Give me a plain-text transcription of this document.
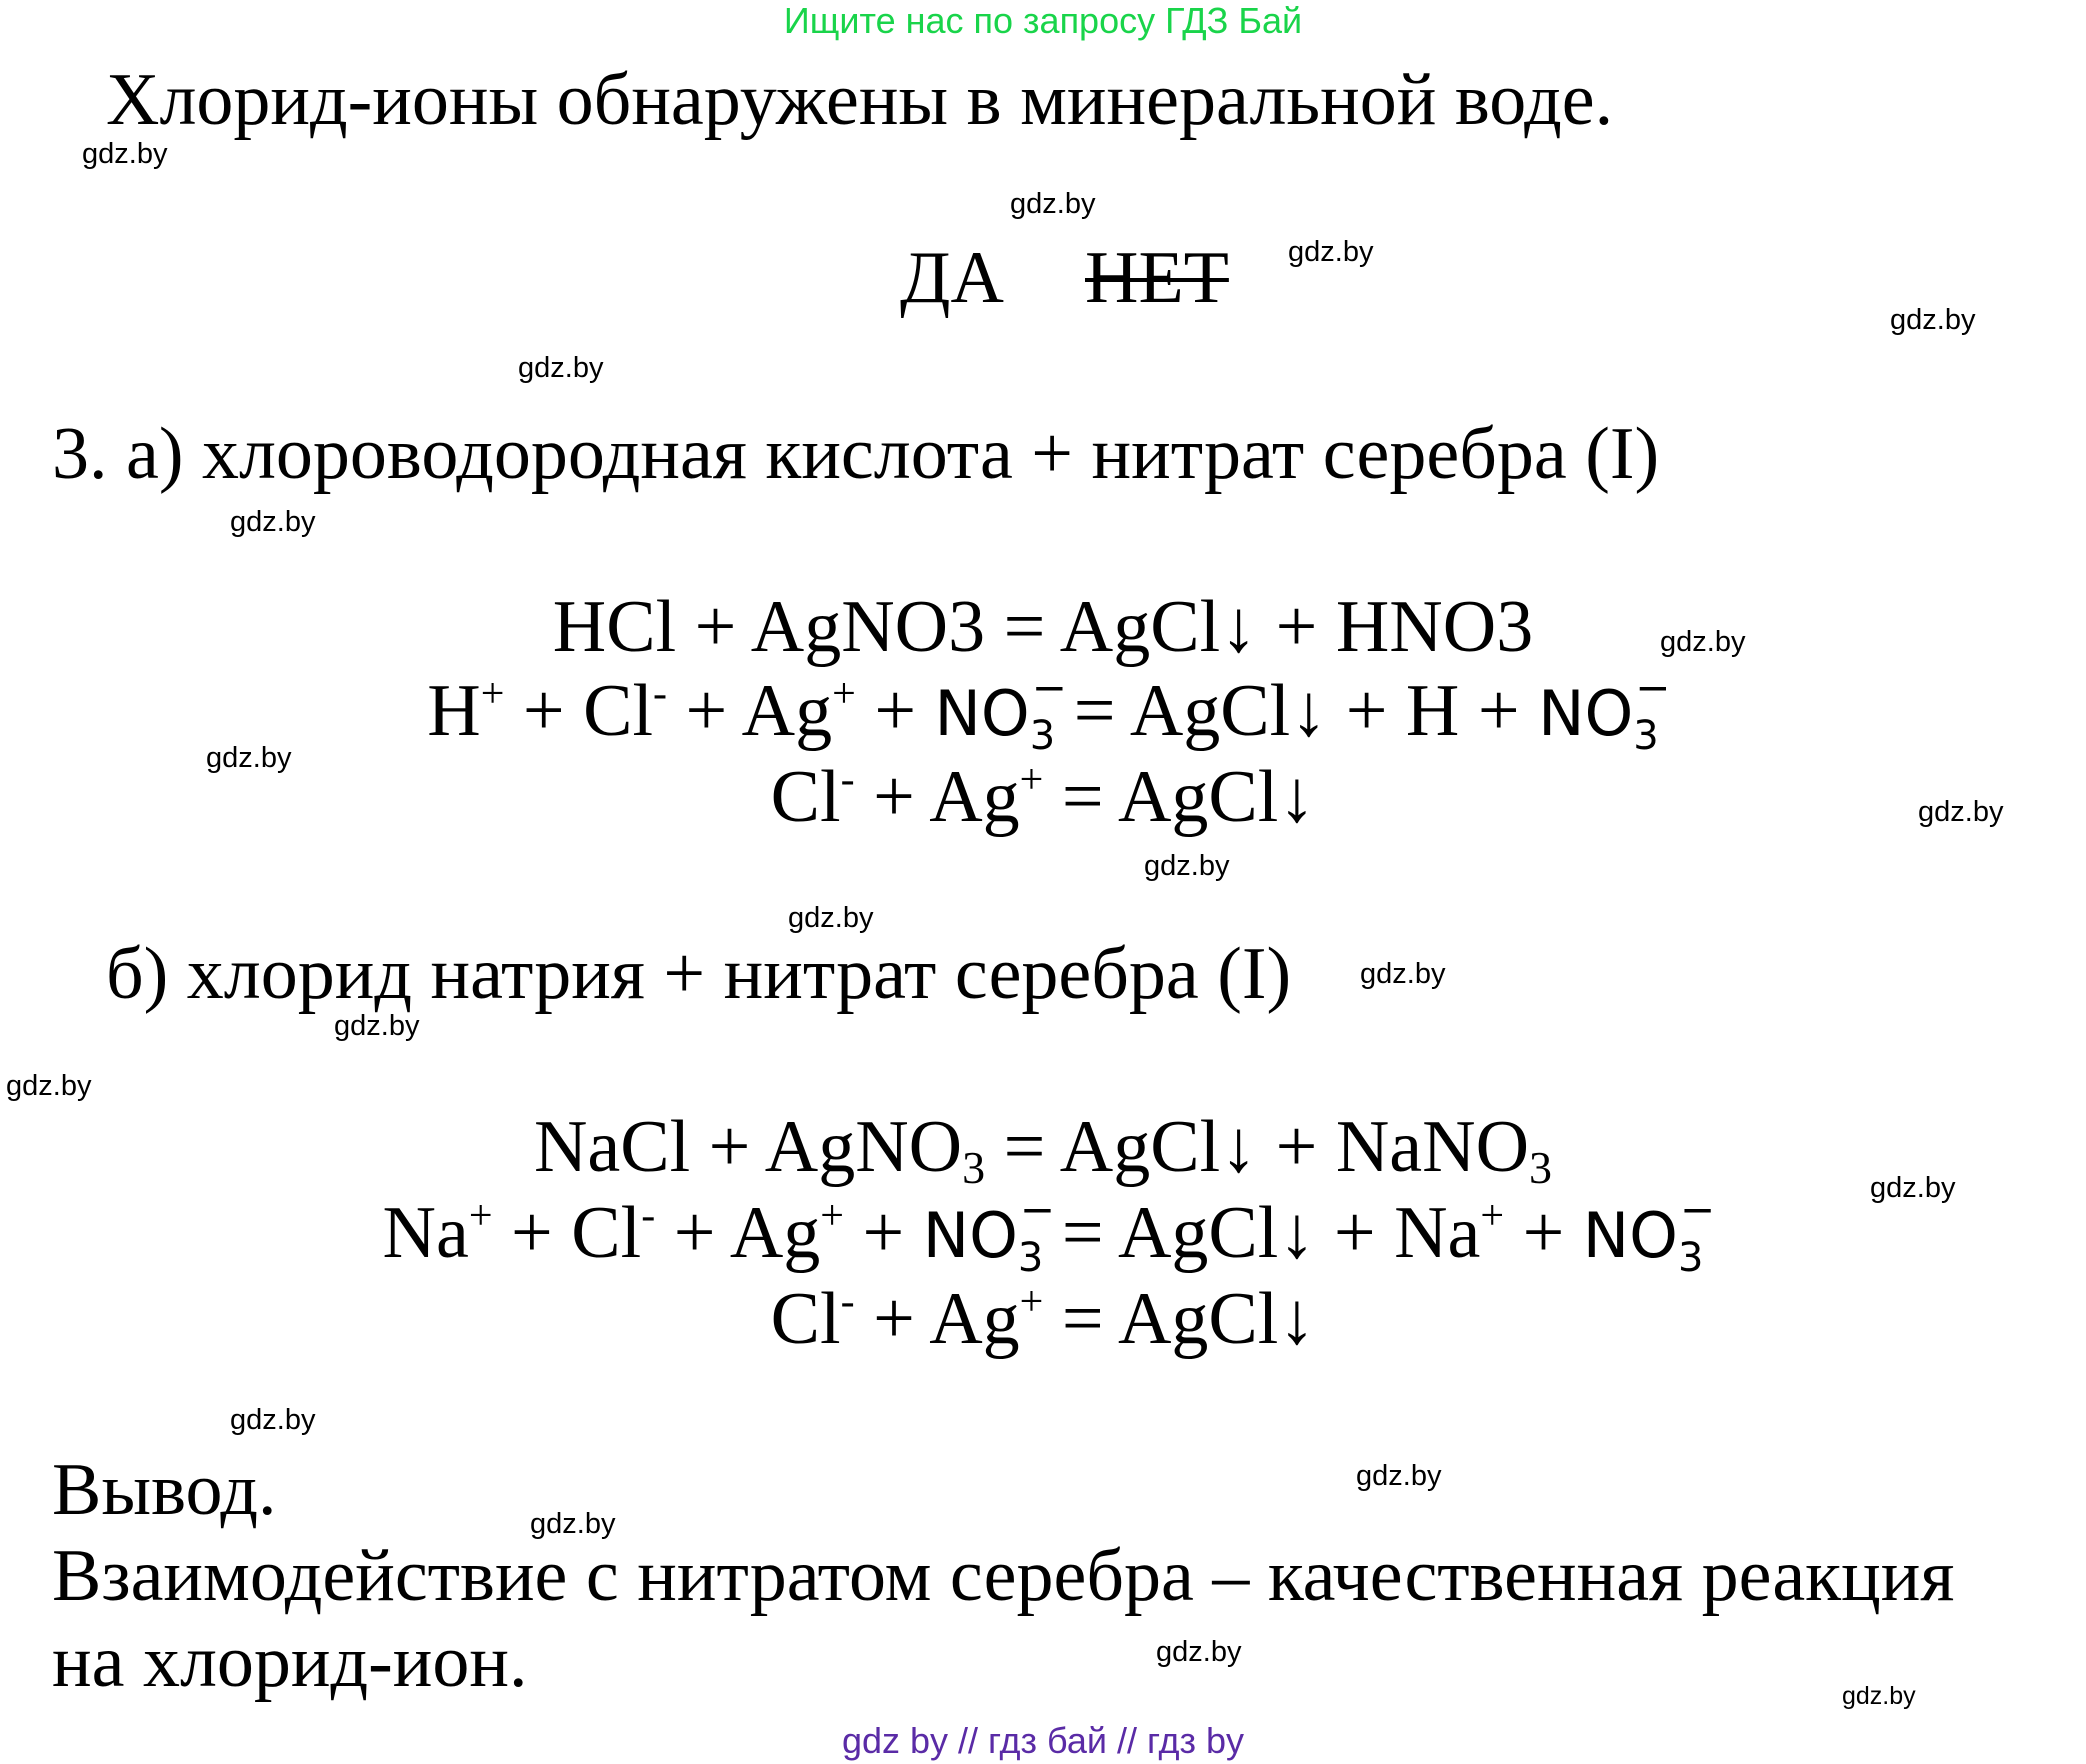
Ищите нас по запросу ГДЗ Бай
Хлорид-ионы обнаружены в минеральной воде.
ДА НЕТ
3. а) хлороводородная кислота + нитрат серебра (I)
HCl + AgNO3 = AgCl↓ + HNO3
H+ + Cl- + Ag+ + NO3
−
= AgCl↓ + H + NO3
−
Cl- + Ag+ = AgCl↓
б) хлорид натрия + нитрат серебра (I)
NaCl + AgNO$_3$ = AgCl↓ + NaNO$_3$
Na+ + Cl- + Ag+ + NO3
−
= AgCl↓ + Na+ + NO3
−
Cl- + Ag+ = AgCl↓
Вывод.
Взаимодействие с нитратом серебра – качественная реакция
на хлорид-ион.
gdz.by
gdz.by
gdz.by
gdz.by
gdz.by
gdz.by
gdz.by
gdz.by
gdz.by
gdz.by
gdz.by
gdz.by
gdz.by
gdz.by
gdz.by
gdz.by
gdz.by
gdz.by
gdz.by
gdz.by
gdz by // гдз бай // гдз by
